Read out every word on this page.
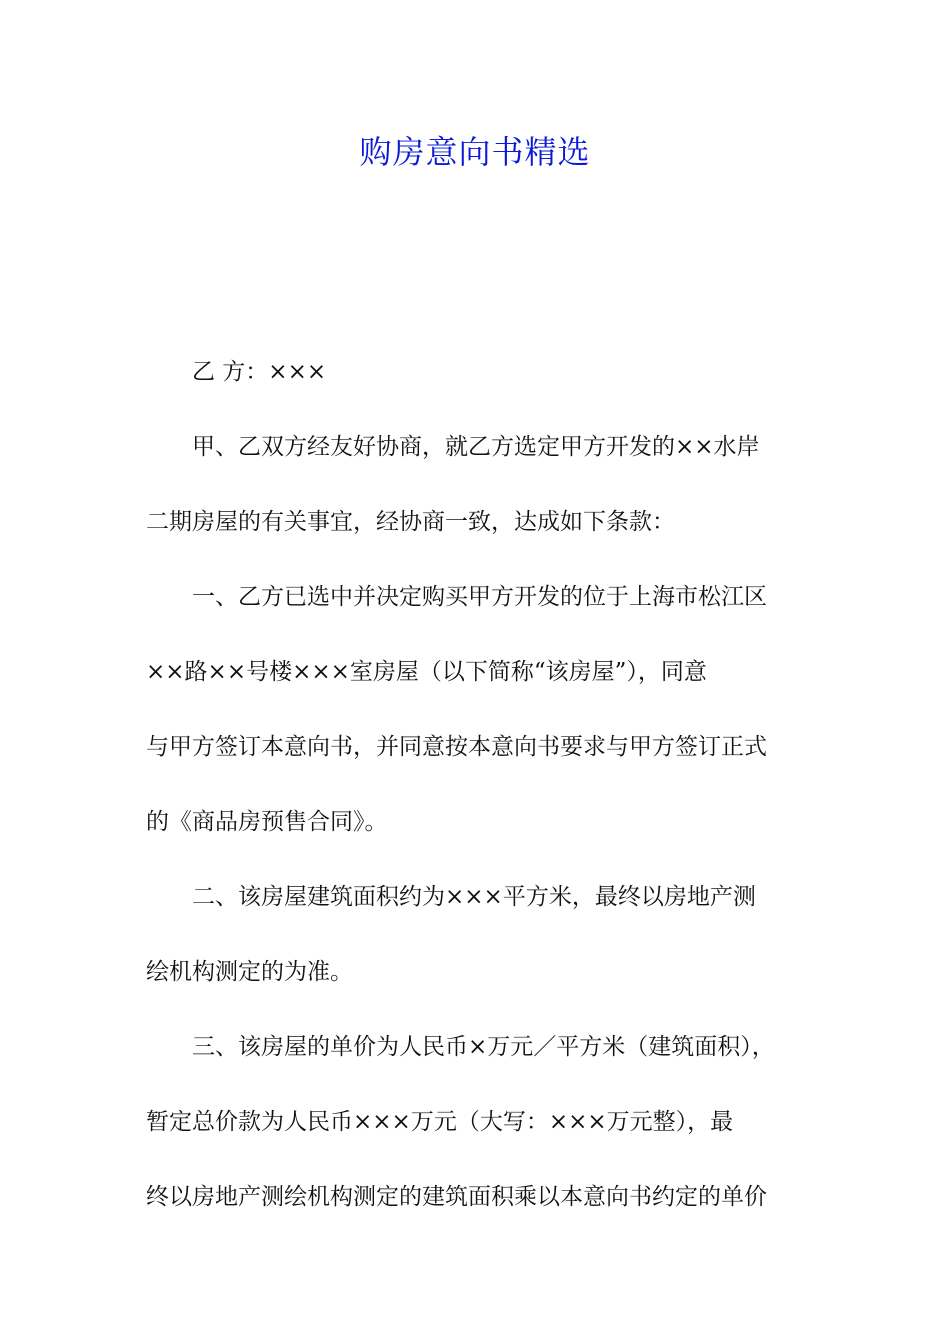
购房意向书精选

乙 方：×××

甲、乙双方经友好协商，就乙方选定甲方开发的××水岸
二期房屋的有关事宜，经协商一致，达成如下条款：

一、乙方已选中并决定购买甲方开发的位于上海市松江区
××路××号楼×××室房屋（以下简称“该房屋”），同意
与甲方签订本意向书，并同意按本意向书要求与甲方签订正式
的《商品房预售合同》。

二、该房屋建筑面积约为×××平方米，最终以房地产测
绘机构测定的为准。

三、该房屋的单价为人民币×万元／平方米（建筑面积），
暂定总价款为人民币×××万元（大写：×××万元整），最
终以房地产测绘机构测定的建筑面积乘以本意向书约定的单价
